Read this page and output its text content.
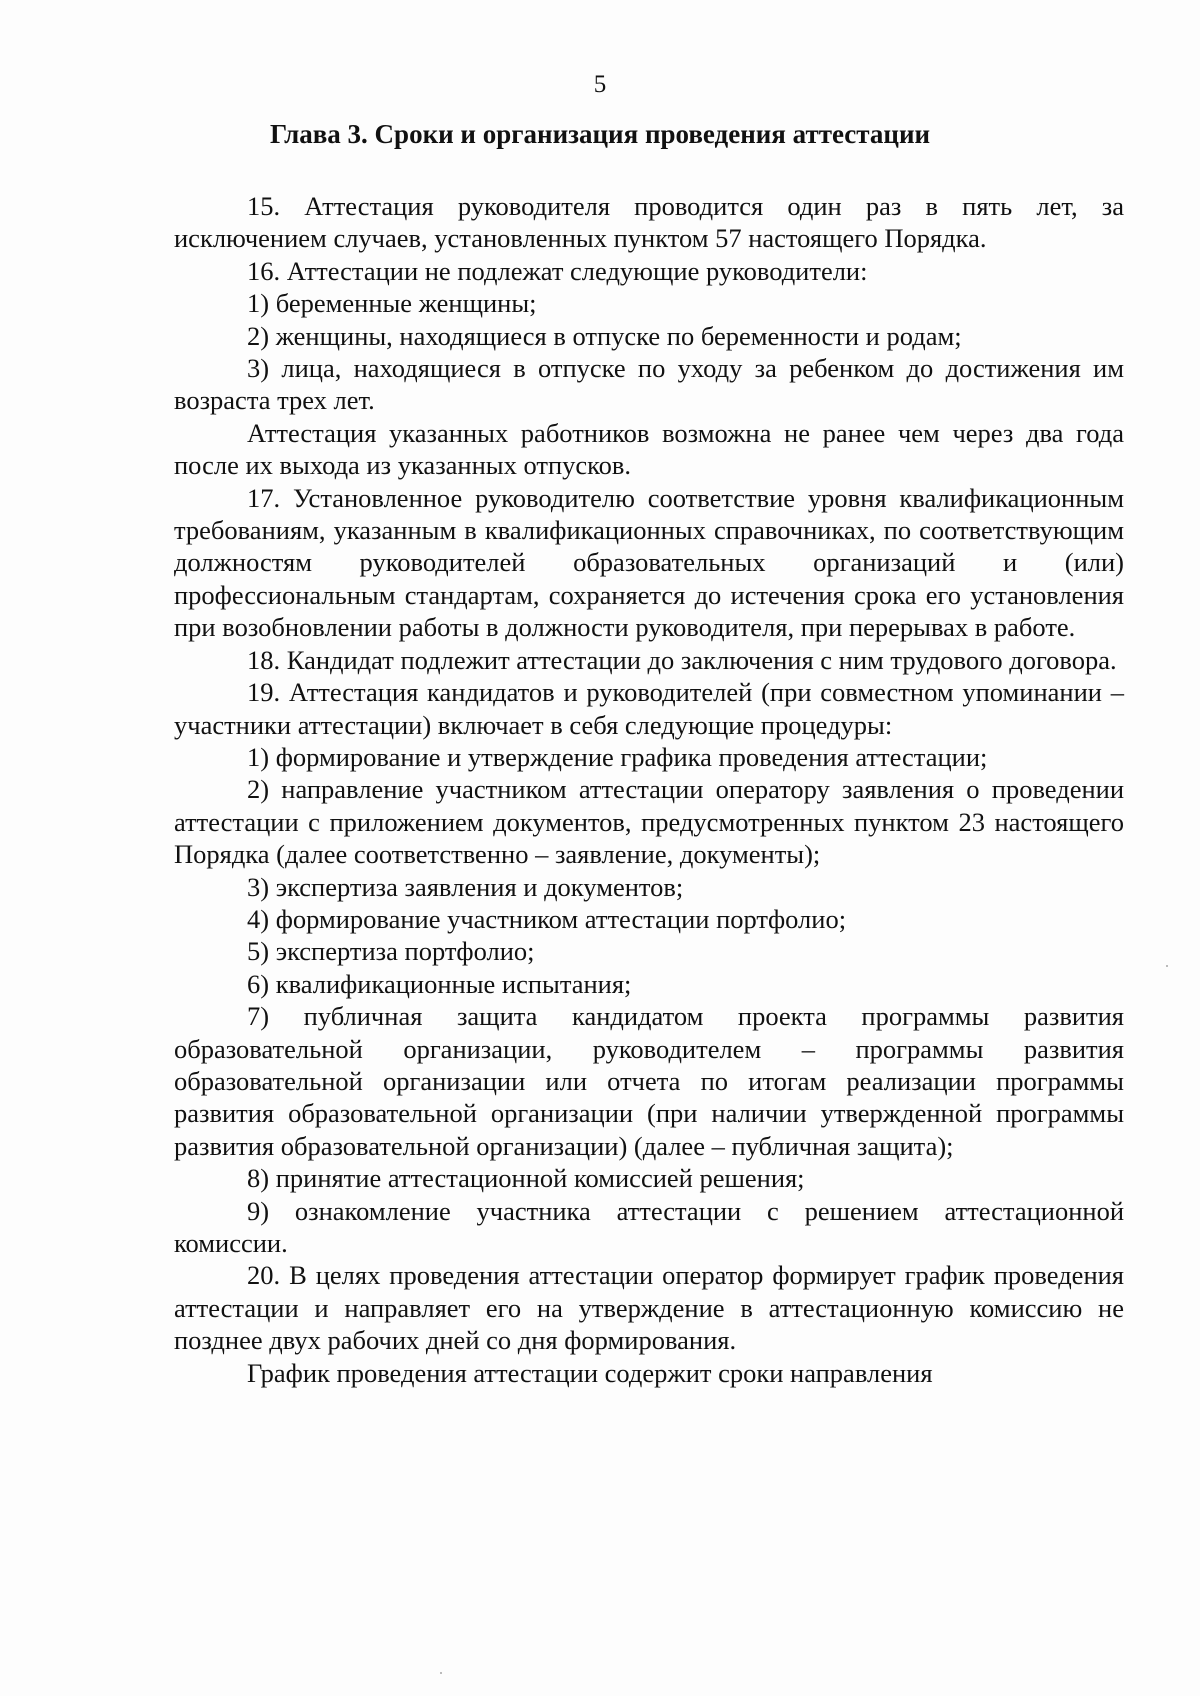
5
Глава 3. Сроки и организация проведения аттестации

15. Аттестация руководителя проводится один раз в пять лет, за исключением случаев, установленных пунктом 57 настоящего Порядка.

16. Аттестации не подлежат следующие руководители:

1) беременные женщины;

2) женщины, находящиеся в отпуске по беременности и родам;

3) лица, находящиеся в отпуске по уходу за ребенком до достижения им возраста трех лет.

Аттестация указанных работников возможна не ранее чем через два года после их выхода из указанных отпусков.

17. Установленное руководителю соответствие уровня квалификационным требованиям, указанным в квалификационных справочниках, по соответствующим должностям руководителей образовательных организаций и (или) профессиональным стандартам, сохраняется до истечения срока его установления при возобновлении работы в должности руководителя, при перерывах в работе.

18. Кандидат подлежит аттестации до заключения с ним трудового договора.

19. Аттестация кандидатов и руководителей (при совместном упоминании – участники аттестации) включает в себя следующие процедуры:

1) формирование и утверждение графика проведения аттестации;

2) направление участником аттестации оператору заявления о проведении аттестации с приложением документов, предусмотренных пунктом 23 настоящего Порядка (далее соответственно – заявление, документы);

3) экспертиза заявления и документов;

4) формирование участником аттестации портфолио;

5) экспертиза портфолио;

6) квалификационные испытания;

7) публичная защита кандидатом проекта программы развития образовательной организации, руководителем – программы развития образовательной организации или отчета по итогам реализации программы развития образовательной организации (при наличии утвержденной программы развития образовательной организации) (далее – публичная защита);

8) принятие аттестационной комиссией решения;

9) ознакомление участника аттестации с решением аттестационной комиссии.

20. В целях проведения аттестации оператор формирует график проведения аттестации и направляет его на утверждение в аттестационную комиссию не позднее двух рабочих дней со дня формирования.

График проведения аттестации содержит сроки направления
